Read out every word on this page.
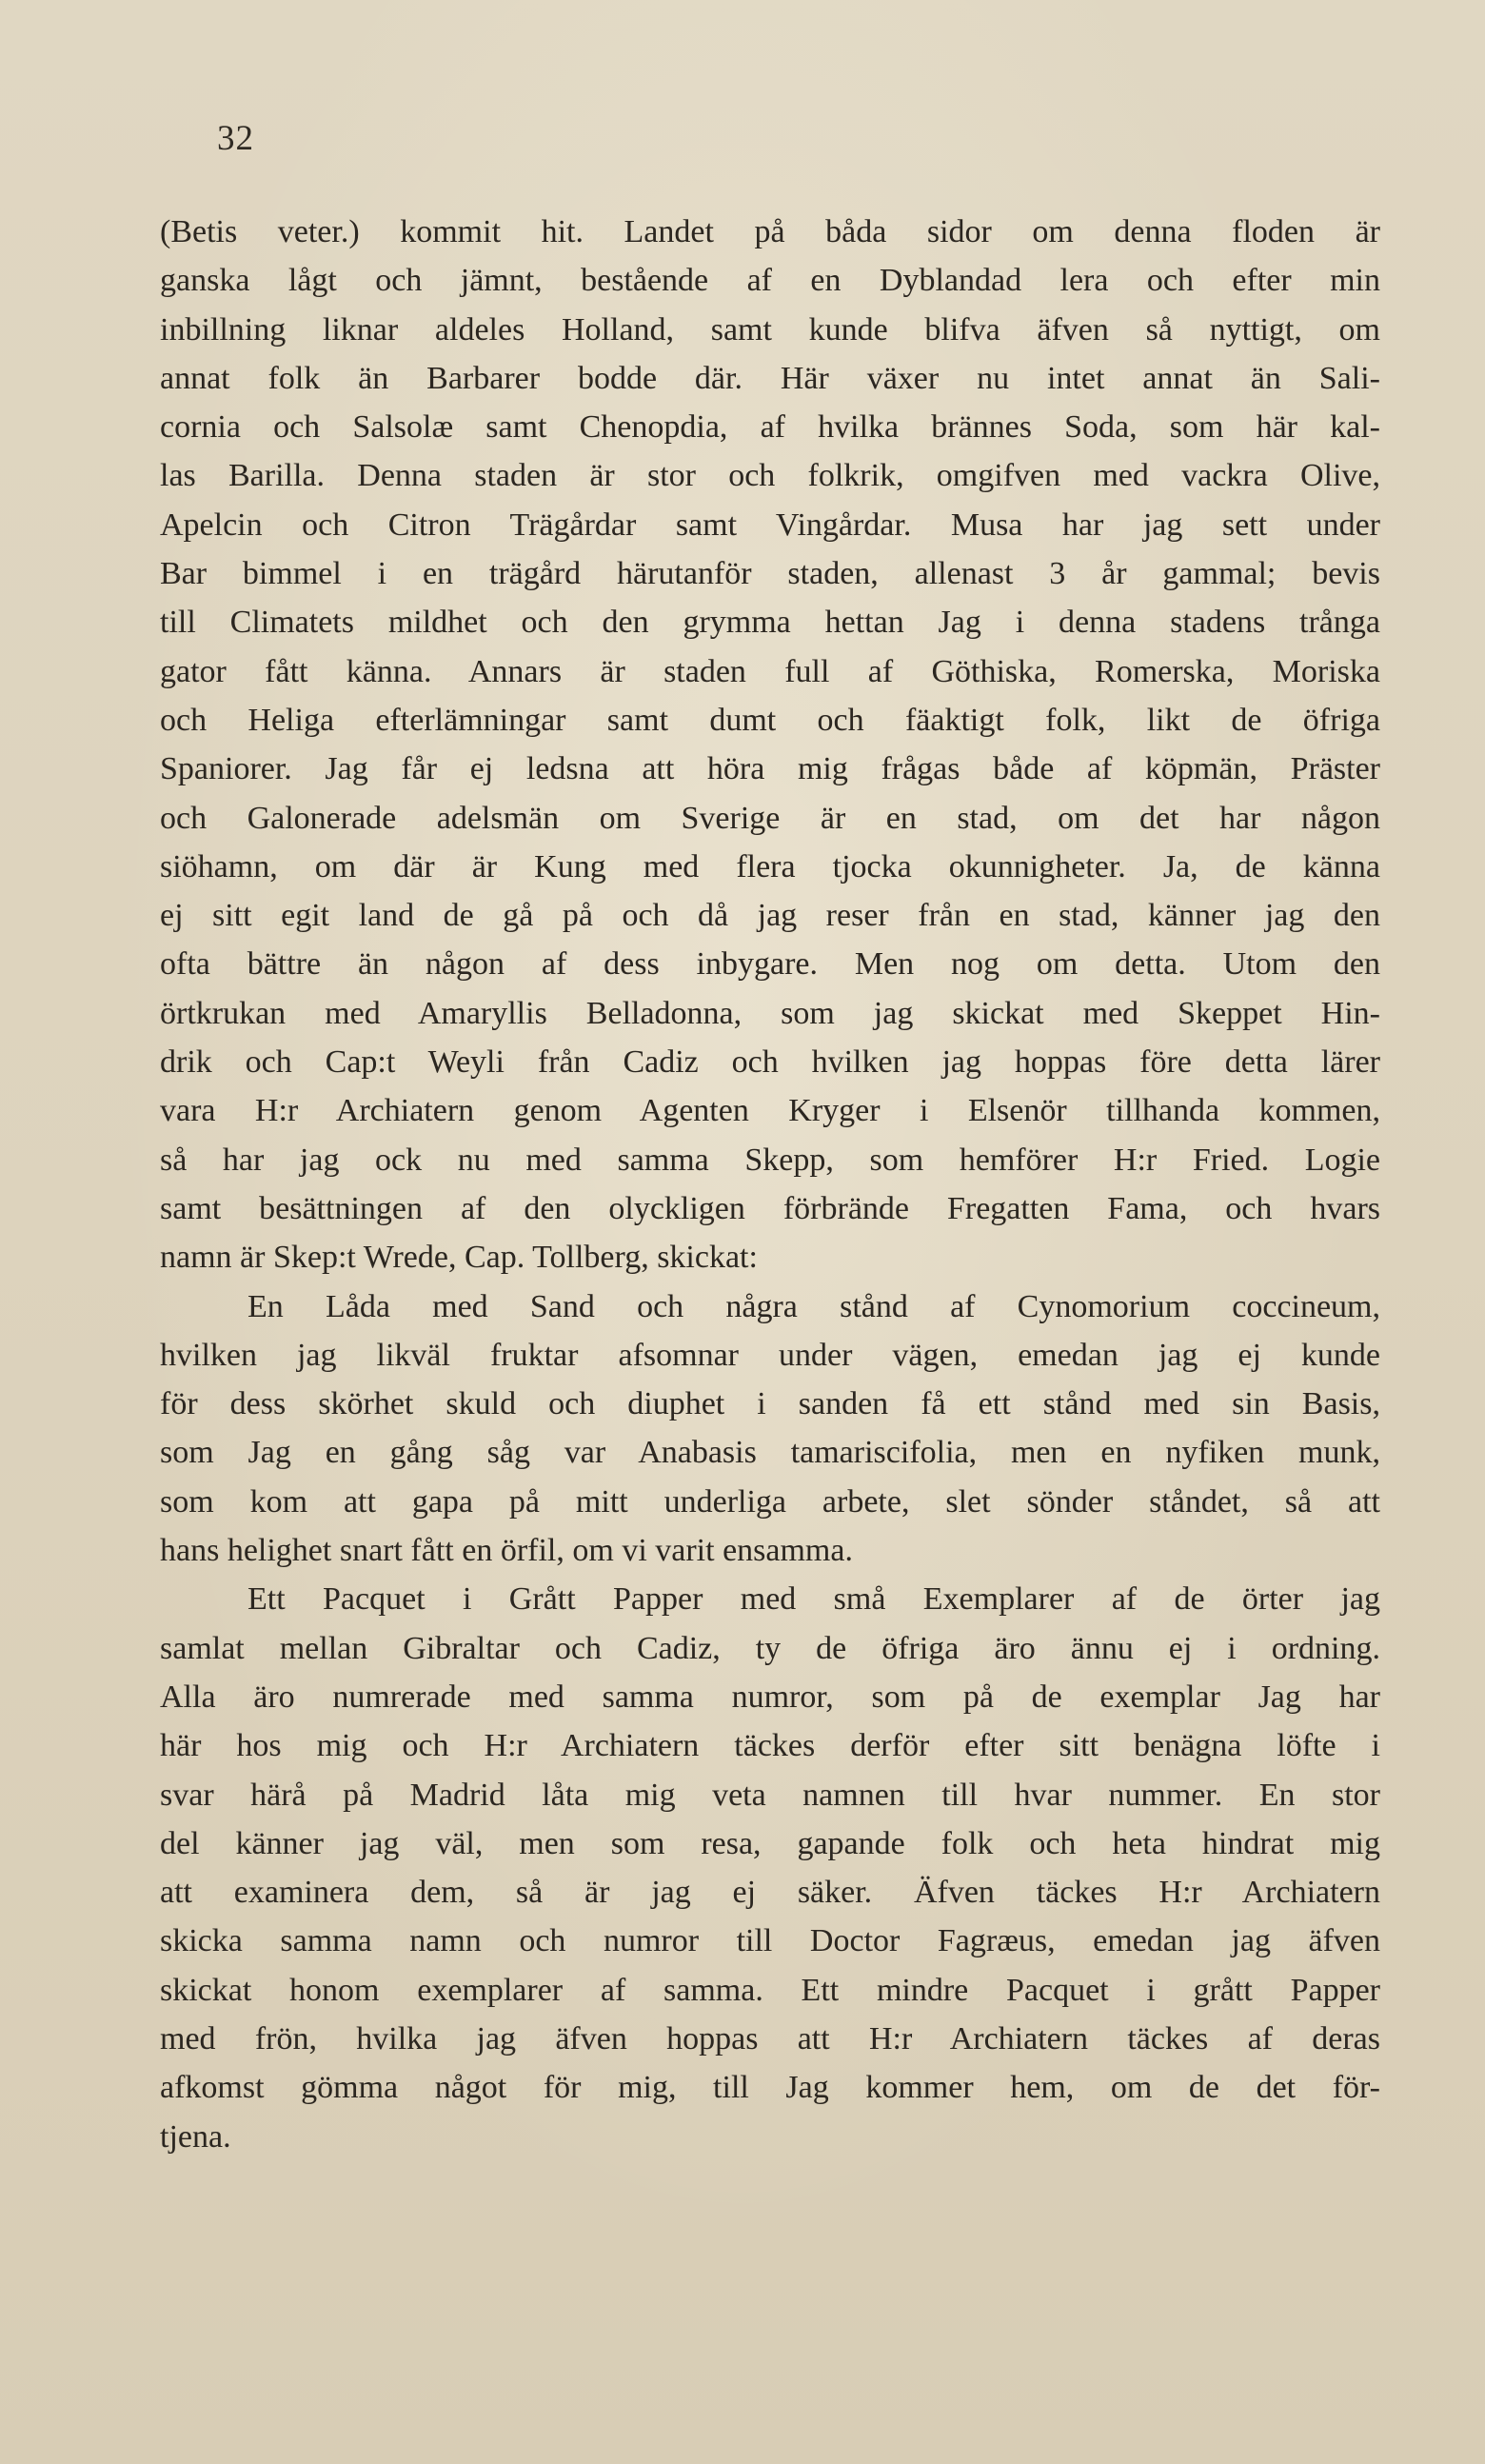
32
(Betis veter.) kommit hit. Landet på båda sidor om denna floden är
ganska lågt och jämnt, bestående af en Dyblandad lera och efter min
inbillning liknar aldeles Holland, samt kunde blifva äfven så nyttigt, om
annat folk än Barbarer bodde där. Här växer nu intet annat än Sali-
cornia och Salsolæ samt Chenopdia, af hvilka brännes Soda, som här kal-
las Barilla. Denna staden är stor och folkrik, omgifven med vackra Olive,
Apelcin och Citron Trägårdar samt Vingårdar. Musa har jag sett under
Bar bimmel i en trägård härutanför staden, allenast 3 år gammal; bevis
till Climatets mildhet och den grymma hettan Jag i denna stadens trånga
gator fått känna. Annars är staden full af Göthiska, Romerska, Moriska
och Heliga efterlämningar samt dumt och fäaktigt folk, likt de öfriga
Spaniorer. Jag får ej ledsna att höra mig frågas både af köpmän, Präster
och Galonerade adelsmän om Sverige är en stad, om det har någon
siöhamn, om där är Kung med flera tjocka okunnigheter. Ja, de känna
ej sitt egit land de gå på och då jag reser från en stad, känner jag den
ofta bättre än någon af dess inbygare. Men nog om detta. Utom den
örtkrukan med Amaryllis Belladonna, som jag skickat med Skeppet Hin-
drik och Cap:t Weyli från Cadiz och hvilken jag hoppas före detta lärer
vara H:r Archiatern genom Agenten Kryger i Elsenör tillhanda kommen,
så har jag ock nu med samma Skepp, som hemförer H:r Fried. Logie
samt besättningen af den olyckligen förbrände Fregatten Fama, och hvars
namn är Skep:t Wrede, Cap. Tollberg, skickat:
En Låda med Sand och några stånd af Cynomorium coccineum,
hvilken jag likväl fruktar afsomnar under vägen, emedan jag ej kunde
för dess skörhet skuld och diuphet i sanden få ett stånd med sin Basis,
som Jag en gång såg var Anabasis tamariscifolia, men en nyfiken munk,
som kom att gapa på mitt underliga arbete, slet sönder ståndet, så att
hans helighet snart fått en örfil, om vi varit ensamma.
Ett Pacquet i Grått Papper med små Exemplarer af de örter jag
samlat mellan Gibraltar och Cadiz, ty de öfriga äro ännu ej i ordning.
Alla äro numrerade med samma numror, som på de exemplar Jag har
här hos mig och H:r Archiatern täckes derför efter sitt benägna löfte i
svar härå på Madrid låta mig veta namnen till hvar nummer. En stor
del känner jag väl, men som resa, gapande folk och heta hindrat mig
att examinera dem, så är jag ej säker. Äfven täckes H:r Archiatern
skicka samma namn och numror till Doctor Fagræus, emedan jag äfven
skickat honom exemplarer af samma. Ett mindre Pacquet i grått Papper
med frön, hvilka jag äfven hoppas att H:r Archiatern täckes af deras
afkomst gömma något för mig, till Jag kommer hem, om de det för-
tjena.
